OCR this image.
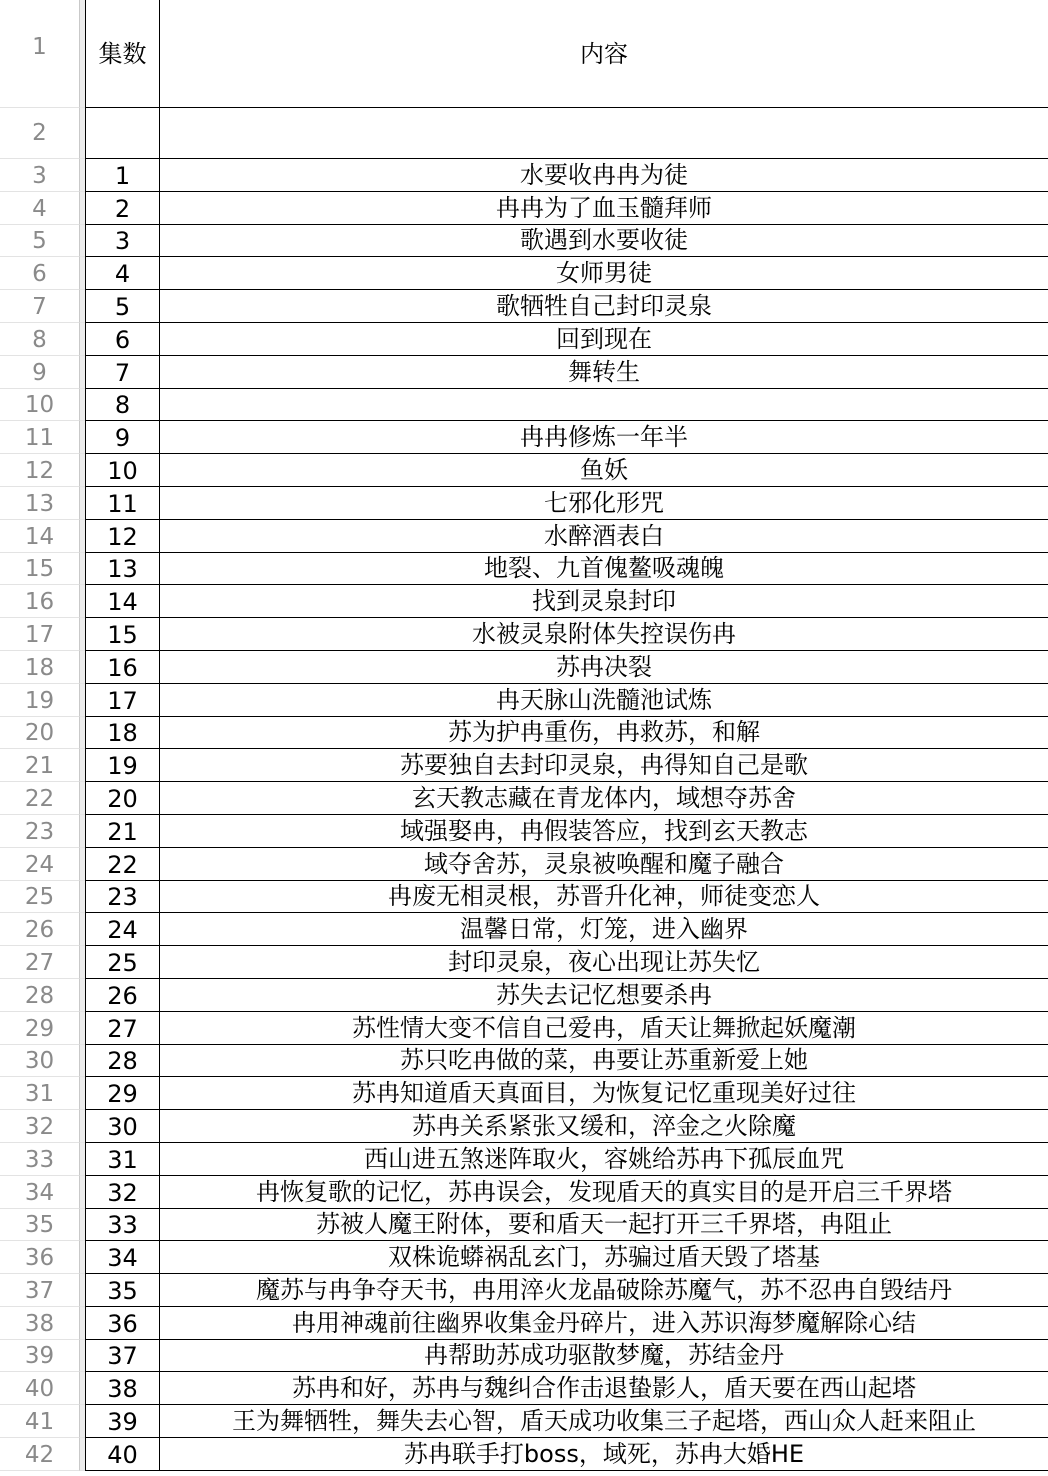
1	集数	内容
2
3	1	水要收冉冉为徒
4	2	冉冉为了血玉髓拜师
5	3	歌遇到水要收徒
6	4	女师男徒
7	5	歌牺牲自己封印灵泉
8	6	回到现在
9	7	舞转生
10	8
11	9	冉冉修炼一年半
12	10	鱼妖
13	11	七邪化形咒
14	12	水醉酒表白
15	13	地裂、九首傀鳌吸魂魄
16	14	找到灵泉封印
17	15	水被灵泉附体失控误伤冉
18	16	苏冉决裂
19	17	冉天脉山洗髓池试炼
20	18	苏为护冉重伤，冉救苏，和解
21	19	苏要独自去封印灵泉，冉得知自己是歌
22	20	玄天教志藏在青龙体内，域想夺苏舍
23	21	域强娶冉，冉假装答应，找到玄天教志
24	22	域夺舍苏，灵泉被唤醒和魔子融合
25	23	冉废无相灵根，苏晋升化神，师徒变恋人
26	24	温馨日常，灯笼，进入幽界
27	25	封印灵泉，夜心出现让苏失忆
28	26	苏失去记忆想要杀冉
29	27	苏性情大变不信自己爱冉，盾天让舞掀起妖魔潮
30	28	苏只吃冉做的菜，冉要让苏重新爱上她
31	29	苏冉知道盾天真面目，为恢复记忆重现美好过往
32	30	苏冉关系紧张又缓和，淬金之火除魔
33	31	西山进五煞迷阵取火，容姚给苏冉下孤辰血咒
34	32	冉恢复歌的记忆，苏冉误会，发现盾天的真实目的是开启三千界塔
35	33	苏被人魔王附体，要和盾天一起打开三千界塔，冉阻止
36	34	双株诡蟒祸乱玄门，苏骗过盾天毁了塔基
37	35	魔苏与冉争夺天书，冉用淬火龙晶破除苏魔气，苏不忍冉自毁结丹
38	36	冉用神魂前往幽界收集金丹碎片，进入苏识海梦魔解除心结
39	37	冉帮助苏成功驱散梦魔，苏结金丹
40	38	苏冉和好，苏冉与魏纠合作击退蛰影人，盾天要在西山起塔
41	39	王为舞牺牲，舞失去心智，盾天成功收集三子起塔，西山众人赶来阻止
42	40	苏冉联手打boss，域死，苏冉大婚HE
